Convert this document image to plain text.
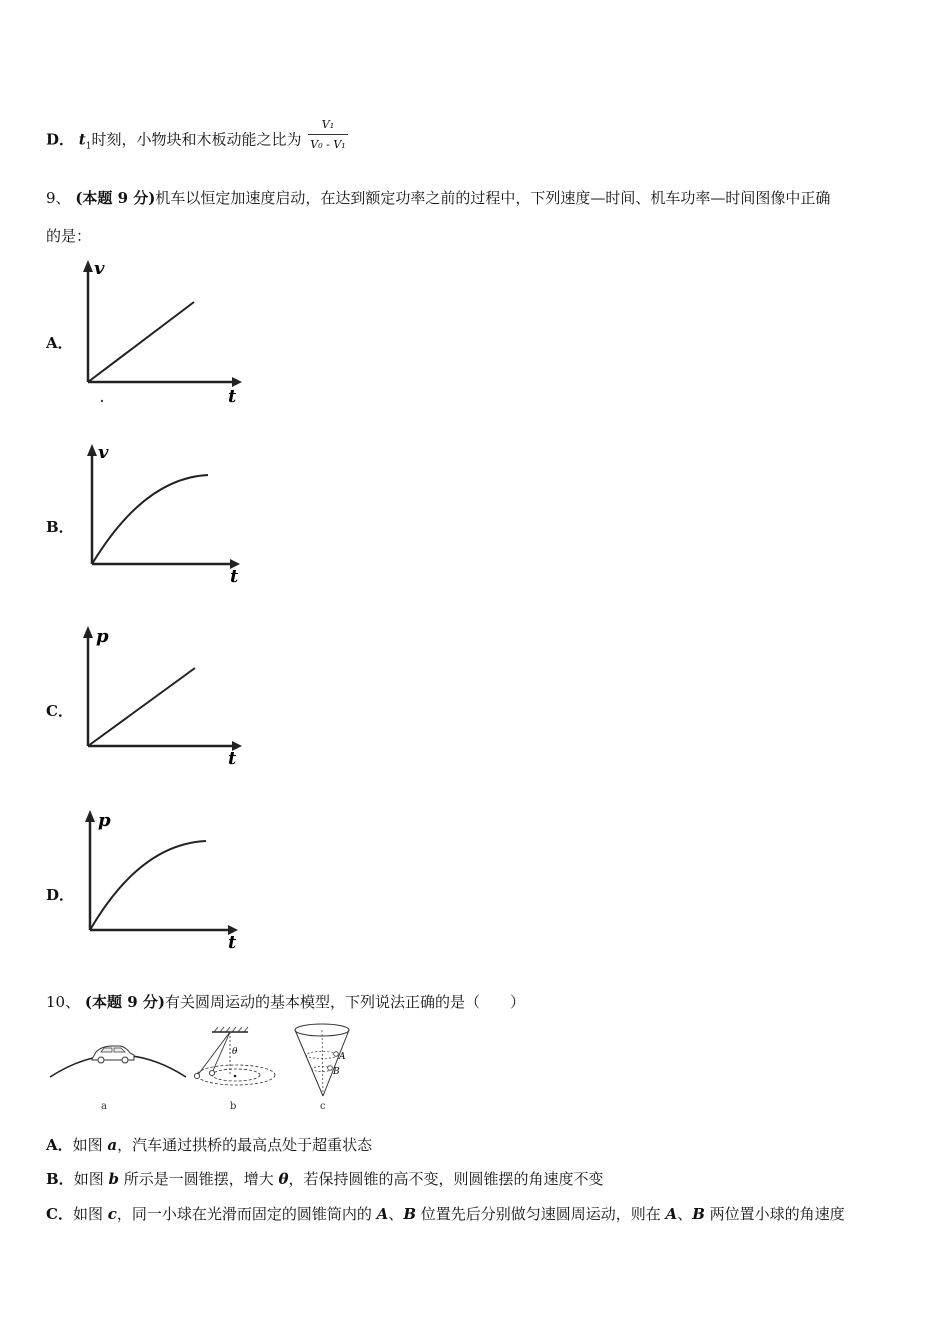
D． $t_1$时刻，小物块和木板动能之比为 $\frac{\text{V₁}}{\text{V₀ - V₁}}$
9、 (本题 9 分)机车以恒定加速度启动，在达到额定功率之前的过程中，下列速度—时间、机车功率—时间图像中正确
的是：
A．
v
t
B．
v
t
C．
p
t
D．
p
t
10、 (本题 9 分)有关圆周运动的基本模型，下列说法正确的是（　　）
a
θ
b
A
B
c
A．如图 a，汽车通过拱桥的最高点处于超重状态
B．如图 b 所示是一圆锥摆，增大 θ，若保持圆锥的高不变，则圆锥摆的角速度不变
C．如图 c，同一小球在光滑而固定的圆锥筒内的 A、B 位置先后分别做匀速圆周运动，则在 A、B 两位置小球的角速度
